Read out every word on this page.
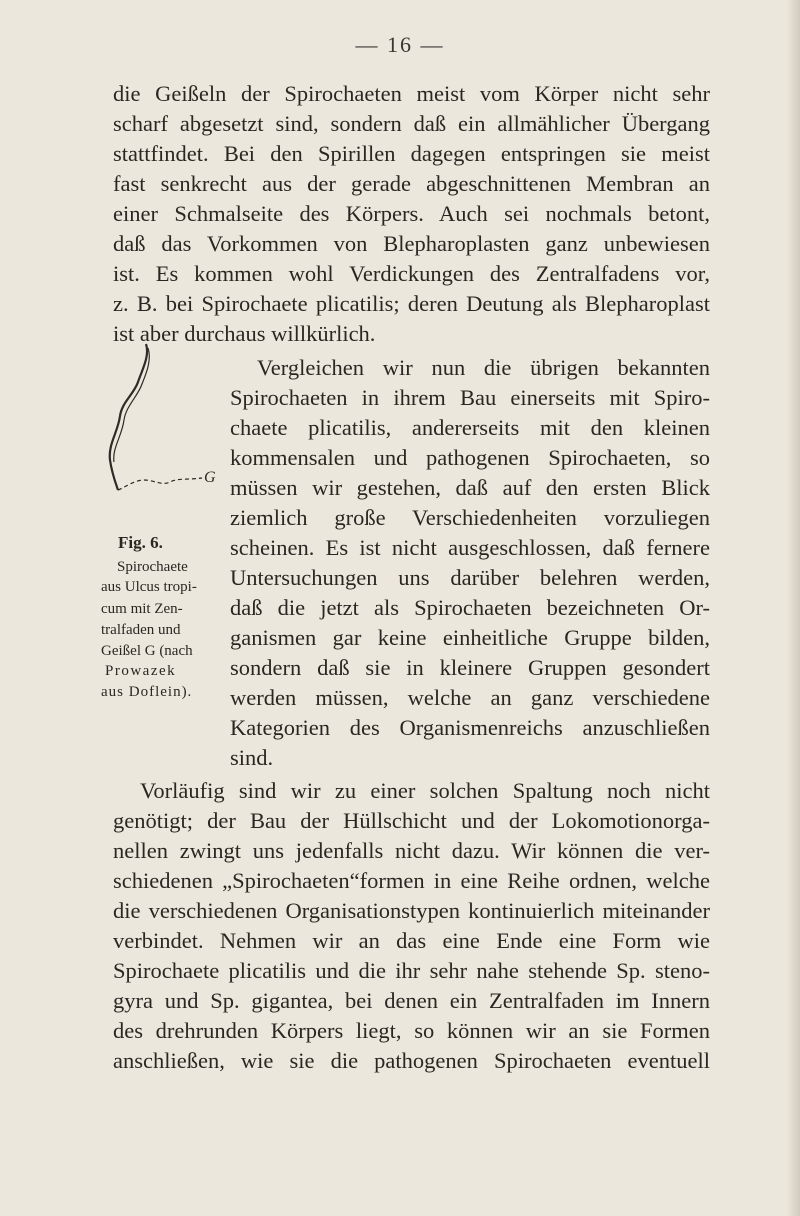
— 16 —
die Geißeln der Spirochaeten meist vom Körper nicht sehr
scharf abgesetzt sind, sondern daß ein allmählicher Übergang
stattfindet. Bei den Spirillen dagegen entspringen sie meist
fast senkrecht aus der gerade abgeschnittenen Membran an
einer Schmalseite des Körpers. Auch sei nochmals betont,
daß das Vorkommen von Blepharoplasten ganz unbewiesen
ist. Es kommen wohl Verdickungen des Zentralfadens vor,
z. B. bei Spirochaete plicatilis; deren Deutung als Blepharoplast
ist aber durchaus willkürlich.
G
Fig. 6.
Spirochaete
aus Ulcus tropi-
cum mit Zen-
tralfaden und
Geißel G (nach
Prowazek
aus Doflein).
Vergleichen wir nun die übrigen bekannten
Spirochaeten in ihrem Bau einerseits mit Spiro-
chaete plicatilis, andererseits mit den kleinen
kommensalen und pathogenen Spirochaeten, so
müssen wir gestehen, daß auf den ersten Blick
ziemlich große Verschiedenheiten vorzuliegen
scheinen. Es ist nicht ausgeschlossen, daß fernere
Untersuchungen uns darüber belehren werden,
daß die jetzt als Spirochaeten bezeichneten Or-
ganismen gar keine einheitliche Gruppe bilden,
sondern daß sie in kleinere Gruppen gesondert
werden müssen, welche an ganz verschiedene
Kategorien des Organismenreichs anzuschließen
sind.
Vorläufig sind wir zu einer solchen Spaltung noch nicht
genötigt; der Bau der Hüllschicht und der Lokomotionorga-
nellen zwingt uns jedenfalls nicht dazu. Wir können die ver-
schiedenen „Spirochaeten“formen in eine Reihe ordnen, welche
die verschiedenen Organisationstypen kontinuierlich miteinander
verbindet. Nehmen wir an das eine Ende eine Form wie
Spirochaete plicatilis und die ihr sehr nahe stehende Sp. steno-
gyra und Sp. gigantea, bei denen ein Zentralfaden im Innern
des drehrunden Körpers liegt, so können wir an sie Formen
anschließen, wie sie die pathogenen Spirochaeten eventuell
